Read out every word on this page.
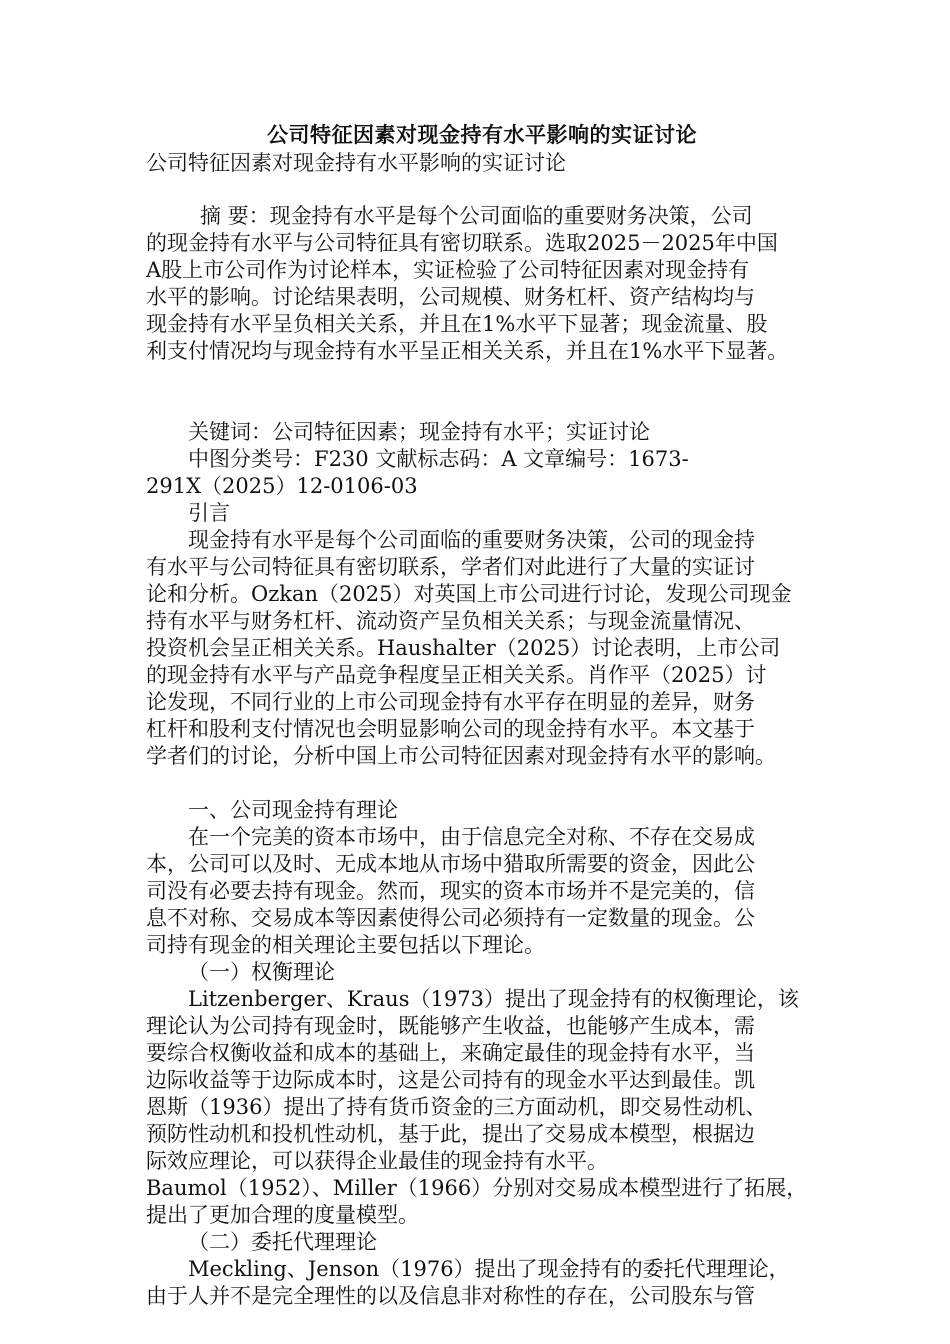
公司特征因素对现金持有水平影响的实证讨论

公司特征因素对现金持有水平影响的实证讨论

摘 要：现金持有水平是每个公司面临的重要财务决策，公司
的现金持有水平与公司特征具有密切联系。选取2025－2025年中国
A股上市公司作为讨论样本，实证检验了公司特征因素对现金持有
水平的影响。讨论结果表明，公司规模、财务杠杆、资产结构均与
现金持有水平呈负相关关系，并且在1%水平下显著；现金流量、股
利支付情况均与现金持有水平呈正相关关系，并且在1%水平下显著。

关键词：公司特征因素；现金持有水平；实证讨论

中图分类号：F230 文献标志码：A 文章编号：1673-
291X（2025）12-0106-03

引言

现金持有水平是每个公司面临的重要财务决策，公司的现金持
有水平与公司特征具有密切联系，学者们对此进行了大量的实证讨
论和分析。Ozkan（2025）对英国上市公司进行讨论，发现公司现金
持有水平与财务杠杆、流动资产呈负相关关系；与现金流量情况、
投资机会呈正相关关系。Haushalter（2025）讨论表明，上市公司
的现金持有水平与产品竞争程度呈正相关关系。肖作平（2025）讨
论发现，不同行业的上市公司现金持有水平存在明显的差异，财务
杠杆和股利支付情况也会明显影响公司的现金持有水平。本文基于
学者们的讨论，分析中国上市公司特征因素对现金持有水平的影响。

一、公司现金持有理论

在一个完美的资本市场中，由于信息完全对称、不存在交易成
本，公司可以及时、无成本地从市场中猎取所需要的资金，因此公
司没有必要去持有现金。然而，现实的资本市场并不是完美的，信
息不对称、交易成本等因素使得公司必须持有一定数量的现金。公
司持有现金的相关理论主要包括以下理论。

（一）权衡理论

Litzenberger、Kraus（1973）提出了现金持有的权衡理论，该
理论认为公司持有现金时，既能够产生收益，也能够产生成本，需
要综合权衡收益和成本的基础上，来确定最佳的现金持有水平，当
边际收益等于边际成本时，这是公司持有的现金水平达到最佳。凯
恩斯（1936）提出了持有货币资金的三方面动机，即交易性动机、
预防性动机和投机性动机，基于此，提出了交易成本模型，根据边
际效应理论，可以获得企业最佳的现金持有水平。

Baumol（1952）、Miller（1966）分别对交易成本模型进行了拓展，
提出了更加合理的度量模型。

（二）委托代理理论

Meckling、Jenson（1976）提出了现金持有的委托代理理论，
由于人并不是完全理性的以及信息非对称性的存在，公司股东与管
